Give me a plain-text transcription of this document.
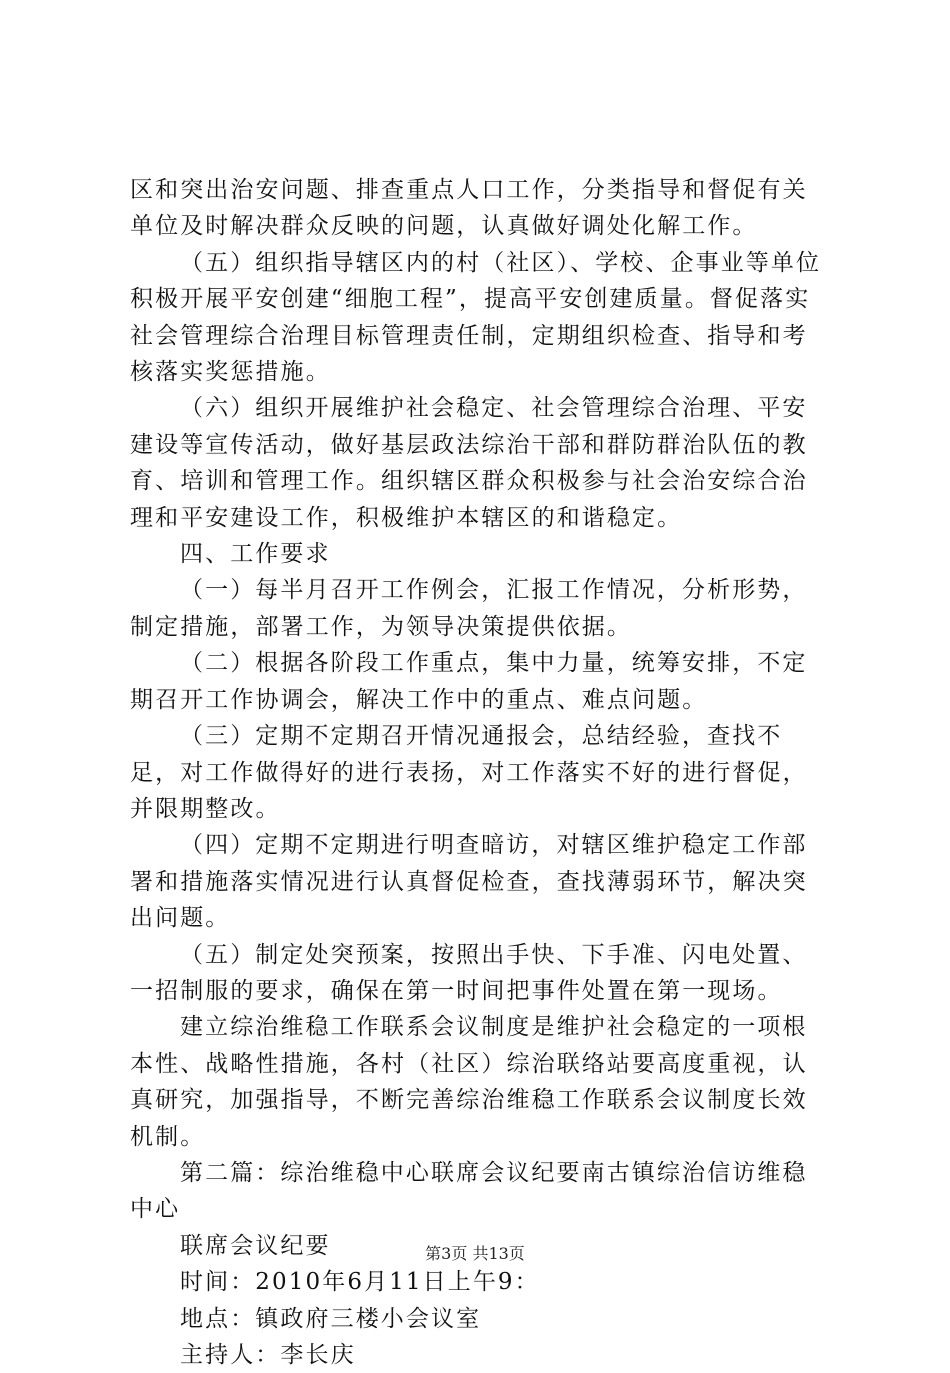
区和突出治安问题、排查重点人口工作，分类指导和督促有关单位及时解决群众反映的问题，认真做好调处化解工作。

（五）组织指导辖区内的村（社区）、学校、企事业等单位积极开展平安创建“细胞工程”，提高平安创建质量。督促落实社会管理综合治理目标管理责任制，定期组织检查、指导和考核落实奖惩措施。

（六）组织开展维护社会稳定、社会管理综合治理、平安建设等宣传活动，做好基层政法综治干部和群防群治队伍的教育、培训和管理工作。组织辖区群众积极参与社会治安综合治理和平安建设工作，积极维护本辖区的和谐稳定。

四、工作要求

（一）每半月召开工作例会，汇报工作情况，分析形势，制定措施，部署工作，为领导决策提供依据。

（二）根据各阶段工作重点，集中力量，统筹安排，不定期召开工作协调会，解决工作中的重点、难点问题。

（三）定期不定期召开情况通报会，总结经验，查找不足，对工作做得好的进行表扬，对工作落实不好的进行督促，并限期整改。

（四）定期不定期进行明查暗访，对辖区维护稳定工作部署和措施落实情况进行认真督促检查，查找薄弱环节，解决突出问题。

（五）制定处突预案，按照出手快、下手准、闪电处置、一招制服的要求，确保在第一时间把事件处置在第一现场。

建立综治维稳工作联系会议制度是维护社会稳定的一项根本性、战略性措施，各村（社区）综治联络站要高度重视，认真研究，加强指导，不断完善综治维稳工作联系会议制度长效机制。

第二篇：综治维稳中心联席会议纪要南古镇综治信访维稳中心

联席会议纪要

时间：2010年6月11日上午9：

地点：镇政府三楼小会议室

主持人：李长庆

第3页 共13页
